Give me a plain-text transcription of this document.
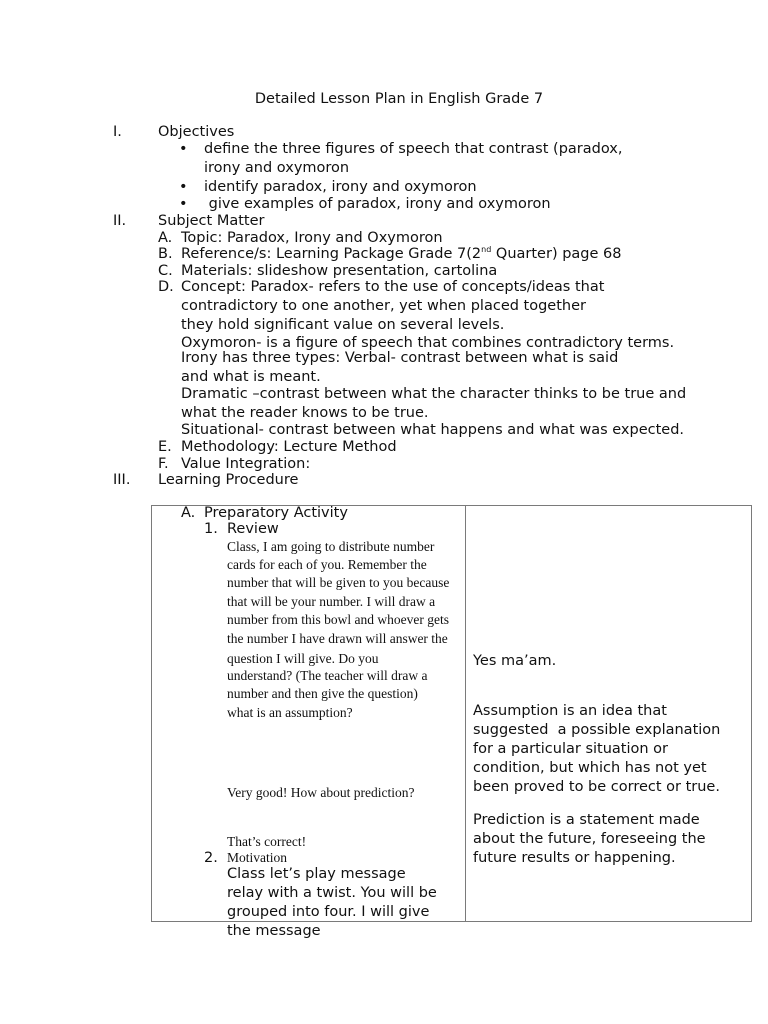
Detailed Lesson Plan in English Grade 7
I. Objectives
• define the three figures of speech that contrast (paradox,
irony and oxymoron
• identify paradox, irony and oxymoron
• give examples of paradox, irony and oxymoron
II. Subject Matter
A. Topic: Paradox, Irony and Oxymoron
B. Reference/s: Learning Package Grade 7(2nd Quarter) page 68
C. Materials: slideshow presentation, cartolina
D. Concept: Paradox- refers to the use of concepts/ideas that
contradictory to one another, yet when placed together
they hold significant value on several levels.
Oxymoron- is a figure of speech that combines contradictory terms.
Irony has three types: Verbal- contrast between what is said
and what is meant.
Dramatic –contrast between what the character thinks to be true and
what the reader knows to be true.
Situational- contrast between what happens and what was expected.
E. Methodology: Lecture Method
F. Value Integration:
III. Learning Procedure
A. Preparatory Activity
1. Review
Class, I am going to distribute number
cards for each of you. Remember the
number that will be given to you because
that will be your number. I will draw a
number from this bowl and whoever gets
the number I have drawn will answer the
question I will give. Do you
understand? (The teacher will draw a
number and then give the question)
what is an assumption?
Very good! How about prediction?
That’s correct!
2. Motivation
Class let’s play message
relay with a twist. You will be
grouped into four. I will give
the message
Yes ma’am.
Assumption is an idea that
suggested  a possible explanation
for a particular situation or
condition, but which has not yet
been proved to be correct or true.
Prediction is a statement made
about the future, foreseeing the
future results or happening.
